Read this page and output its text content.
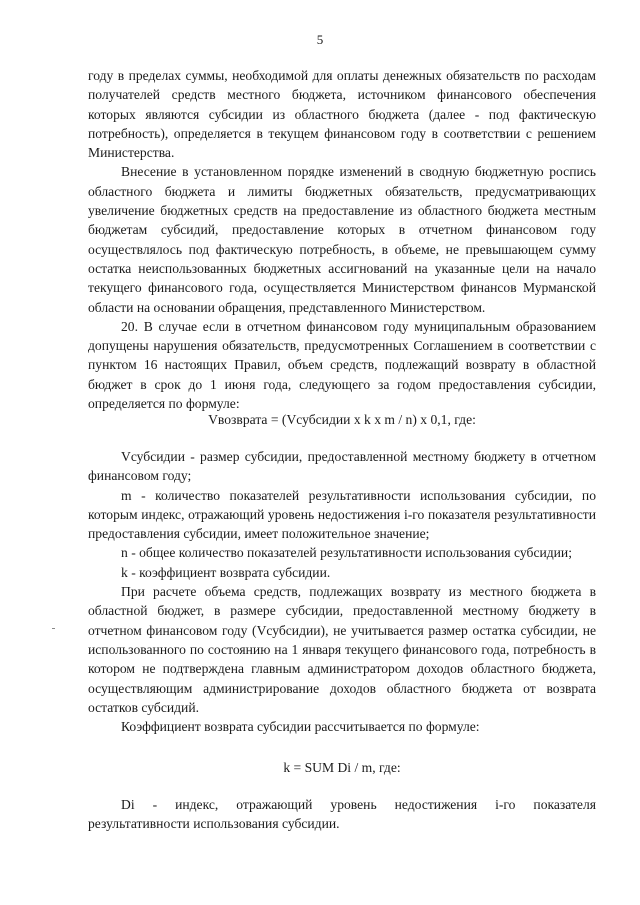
5

году в пределах суммы, необходимой для оплаты денежных обязательств по расходам получателей средств местного бюджета, источником финансового обеспечения которых являются субсидии из областного бюджета (далее - под фактическую потребность), определяется в текущем финансовом году в соответствии с решением Министерства.

Внесение в установленном порядке изменений в сводную бюджетную роспись областного бюджета и лимиты бюджетных обязательств, предусматривающих увеличение бюджетных средств на предоставление из областного бюджета местным бюджетам субсидий, предоставление которых в отчетном финансовом году осуществлялось под фактическую потребность, в объеме, не превышающем сумму остатка неиспользованных бюджетных ассигнований на указанные цели на начало текущего финансового года, осуществляется Министерством финансов Мурманской области на основании обращения, представленного Министерством.

20. В случае если в отчетном финансовом году муниципальным образованием допущены нарушения обязательств, предусмотренных Соглашением в соответствии с пунктом 16 настоящих Правил, объем средств, подлежащий возврату в областной бюджет в срок до 1 июня года, следующего за годом предоставления субсидии, определяется по формуле:

Vвозврата = (Vсубсидии x k x m / n) x 0,1, где:

Vсубсидии - размер субсидии, предоставленной местному бюджету в отчетном финансовом году;

m - количество показателей результативности использования субсидии, по которым индекс, отражающий уровень недостижения i-го показателя результативности предоставления субсидии, имеет положительное значение;

n - общее количество показателей результативности использования субсидии;

k - коэффициент возврата субсидии.

При расчете объема средств, подлежащих возврату из местного бюджета в областной бюджет, в размере субсидии, предоставленной местному бюджету в отчетном финансовом году (Vсубсидии), не учитывается размер остатка субсидии, не использованного по состоянию на 1 января текущего финансового года, потребность в котором не подтверждена главным администратором доходов областного бюджета, осуществляющим администрирование доходов областного бюджета от возврата остатков субсидий.

Коэффициент возврата субсидии рассчитывается по формуле:

k = SUM Di / m, где:

Di - индекс, отражающий уровень недостижения i-го показателя результативности использования субсидии.
